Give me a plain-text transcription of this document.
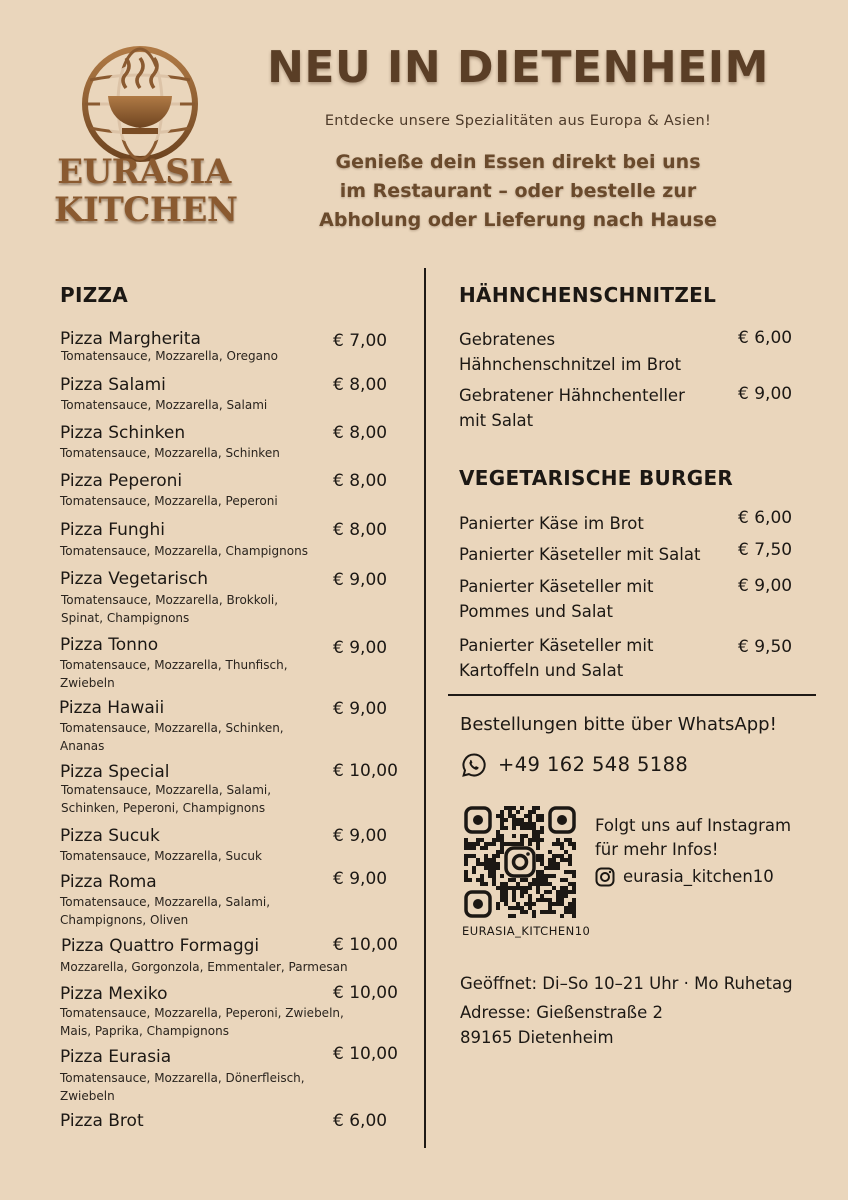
EURASIA
KITCHEN
NEU IN DIETENHEIM
Entdecke unsere Spezialitäten aus Europa & Asien!
Genieße dein Essen direkt bei uns
im Restaurant – oder bestelle zur
Abholung oder Lieferung nach Hause
PIZZA
Pizza Margherita	€ 7,00
Tomatensauce, Mozzarella, Oregano
Pizza Salami	€ 8,00
Tomatensauce, Mozzarella, Salami
Pizza Schinken	€ 8,00
Tomatensauce, Mozzarella, Schinken
Pizza Peperoni	€ 8,00
Tomatensauce, Mozzarella, Peperoni
Pizza Funghi	€ 8,00
Tomatensauce, Mozzarella, Champignons
Pizza Vegetarisch	€ 9,00
Tomatensauce, Mozzarella, Brokkoli,
Spinat, Champignons
Pizza Tonno	€ 9,00
Tomatensauce, Mozzarella, Thunfisch,
Zwiebeln
Pizza Hawaii	€ 9,00
Tomatensauce, Mozzarella, Schinken,
Ananas
Pizza Special	€ 10,00
Tomatensauce, Mozzarella, Salami,
Schinken, Peperoni, Champignons
Pizza Sucuk	€ 9,00
Tomatensauce, Mozzarella, Sucuk
Pizza Roma	€ 9,00
Tomatensauce, Mozzarella, Salami,
Champignons, Oliven
Pizza Quattro Formaggi	€ 10,00
Mozzarella, Gorgonzola, Emmentaler, Parmesan
Pizza Mexiko	€ 10,00
Tomatensauce, Mozzarella, Peperoni, Zwiebeln,
Mais, Paprika, Champignons
Pizza Eurasia	€ 10,00
Tomatensauce, Mozzarella, Dönerfleisch,
Zwiebeln
Pizza Brot	€ 6,00
HÄHNCHENSCHNITZEL
Gebratenes
Hähnchenschnitzel im Brot
€ 6,00
Gebratener Hähnchenteller
mit Salat
€ 9,00
VEGETARISCHE BURGER
Panierter Käse im Brot	€ 6,00
Panierter Käseteller mit Salat € 7,50
Panierter Käseteller mit
Pommes und Salat
€ 9,00
Panierter Käseteller mit
Kartoffeln und Salat
€ 9,50
Bestellungen bitte über WhatsApp!
+49 162 548 5188
EURASIA_KITCHEN10
Folgt uns auf Instagram
für mehr Infos!
eurasia_kitchen10
Geöffnet: Di–So 10–21 Uhr · Mo Ruhetag
Adresse: Gießenstraße 2
89165 Dietenheim
